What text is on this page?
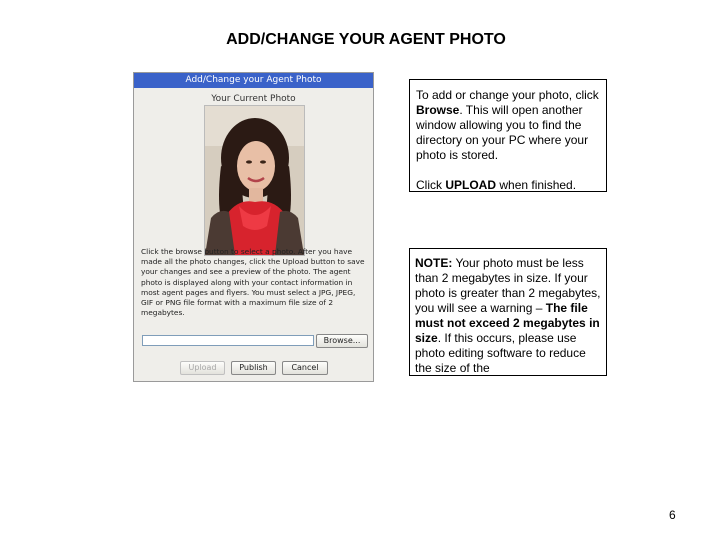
ADD/CHANGE YOUR AGENT PHOTO
Add/Change your Agent Photo
Your Current Photo
Click the browse button to select a photo. After you have made all the photo changes, click the Upload button to save your changes and see a preview of the photo. The agent photo is displayed along with your contact information in most agent pages and flyers. You must select a JPG, JPEG, GIF or PNG file format with a maximum file size of 2 megabytes.
Browse...
Upload	Publish	Cancel

To add or change your photo, click Browse. This will open another window allowing you to find the directory on your PC where your photo is stored.

Click UPLOAD when finished.

NOTE: Your photo must be less than 2 megabytes in size. If your photo is greater than 2 megabytes, you will see a warning – The file must not exceed 2 megabytes in size. If this occurs, please use photo editing software to reduce the size of the

6
